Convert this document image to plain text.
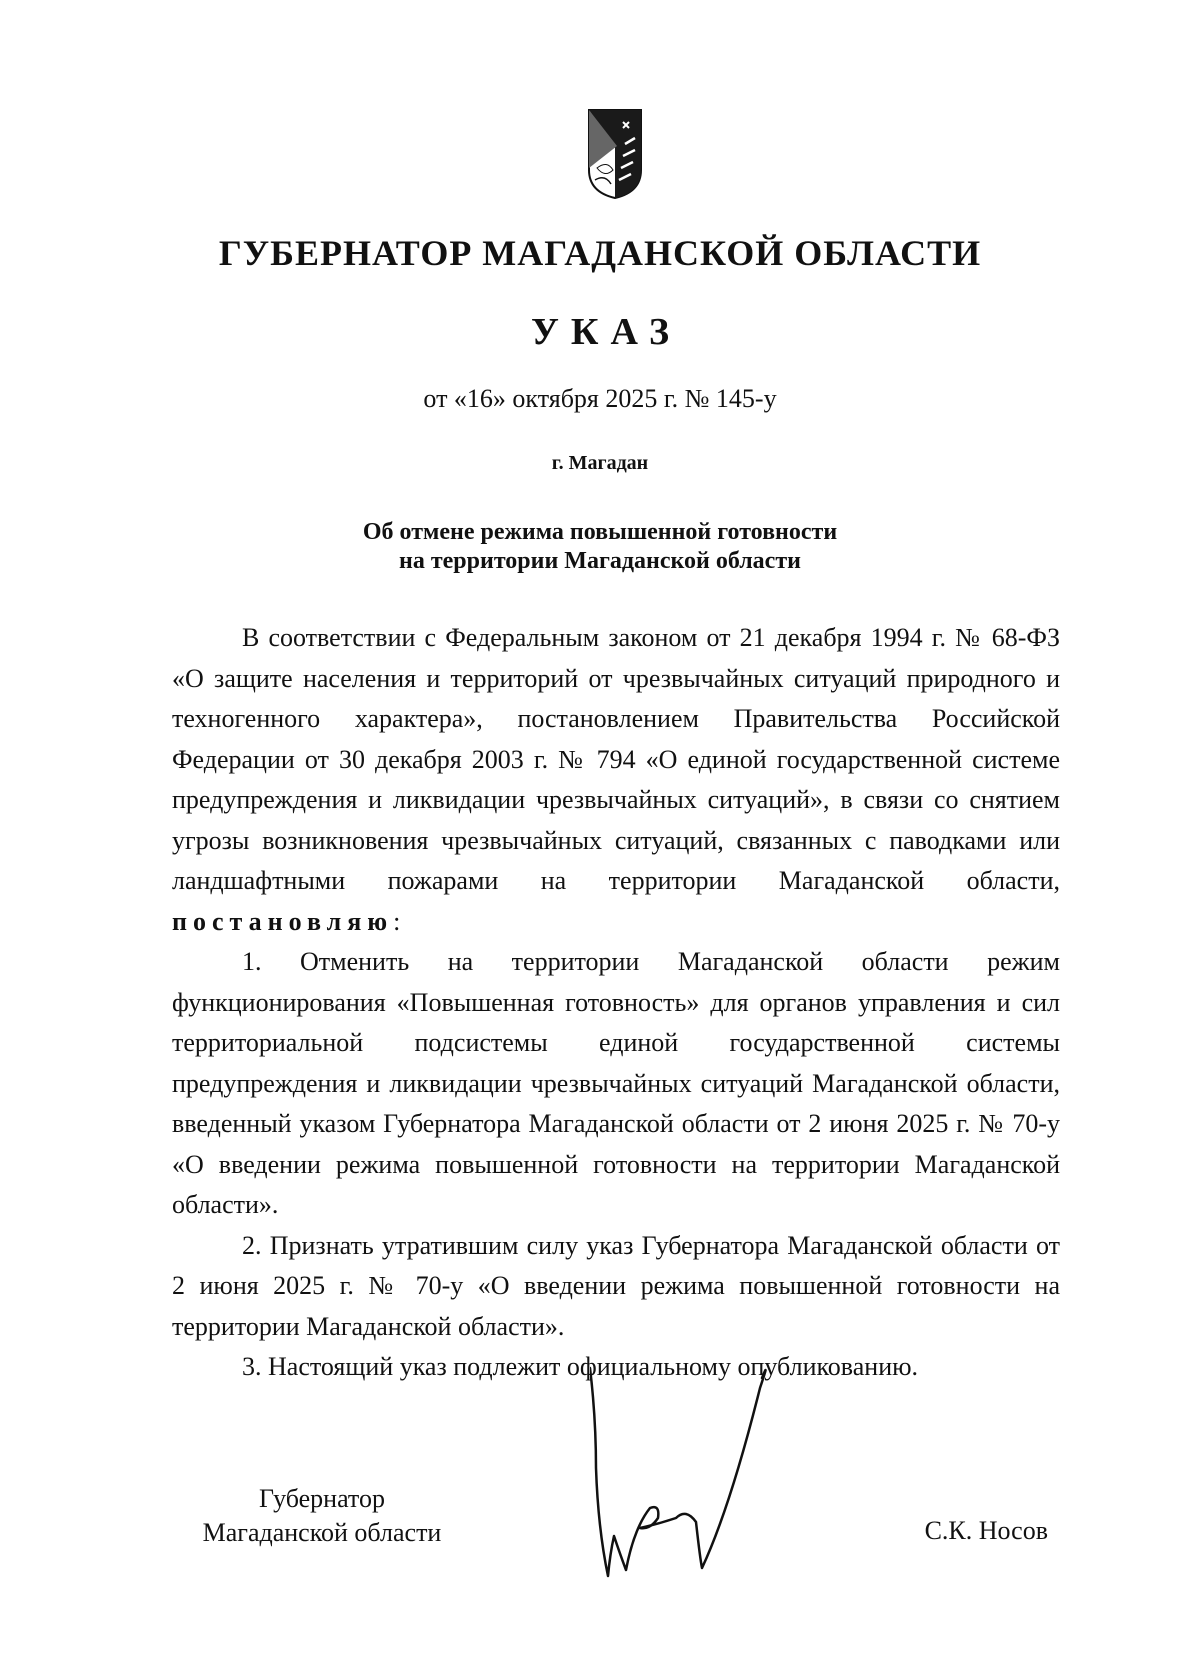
ГУБЕРНАТОР МАГАДАНСКОЙ ОБЛАСТИ
УКАЗ
от «16» октября 2025 г. № 145-у
г. Магадан
Об отмене режима повышенной готовности
на территории Магаданской области

В соответствии с Федеральным законом от 21 декабря 1994 г. № 68-ФЗ «О защите населения и территорий от чрезвычайных ситуаций природного и техногенного характера», постановлением Правительства Российской Федерации от 30 декабря 2003 г. № 794 «О единой государственной системе предупреждения и ликвидации чрезвычайных ситуаций», в связи со снятием угрозы возникновения чрезвычайных ситуаций, связанных с паводками или ландшафтными пожарами на территории Магаданской области, постановляю:

1. Отменить на территории Магаданской области режим функционирования «Повышенная готовность» для органов управления и сил территориальной подсистемы единой государственной системы предупреждения и ликвидации чрезвычайных ситуаций Магаданской области, введенный указом Губернатора Магаданской области от 2 июня 2025 г. № 70-у «О введении режима повышенной готовности на территории Магаданской области».

2. Признать утратившим силу указ Губернатора Магаданской области от 2 июня 2025 г. № 70-у «О введении режима повышенной готовности на территории Магаданской области».

3. Настоящий указ подлежит официальному опубликованию.

Губернатор
Магаданской области	С.К. Носов
